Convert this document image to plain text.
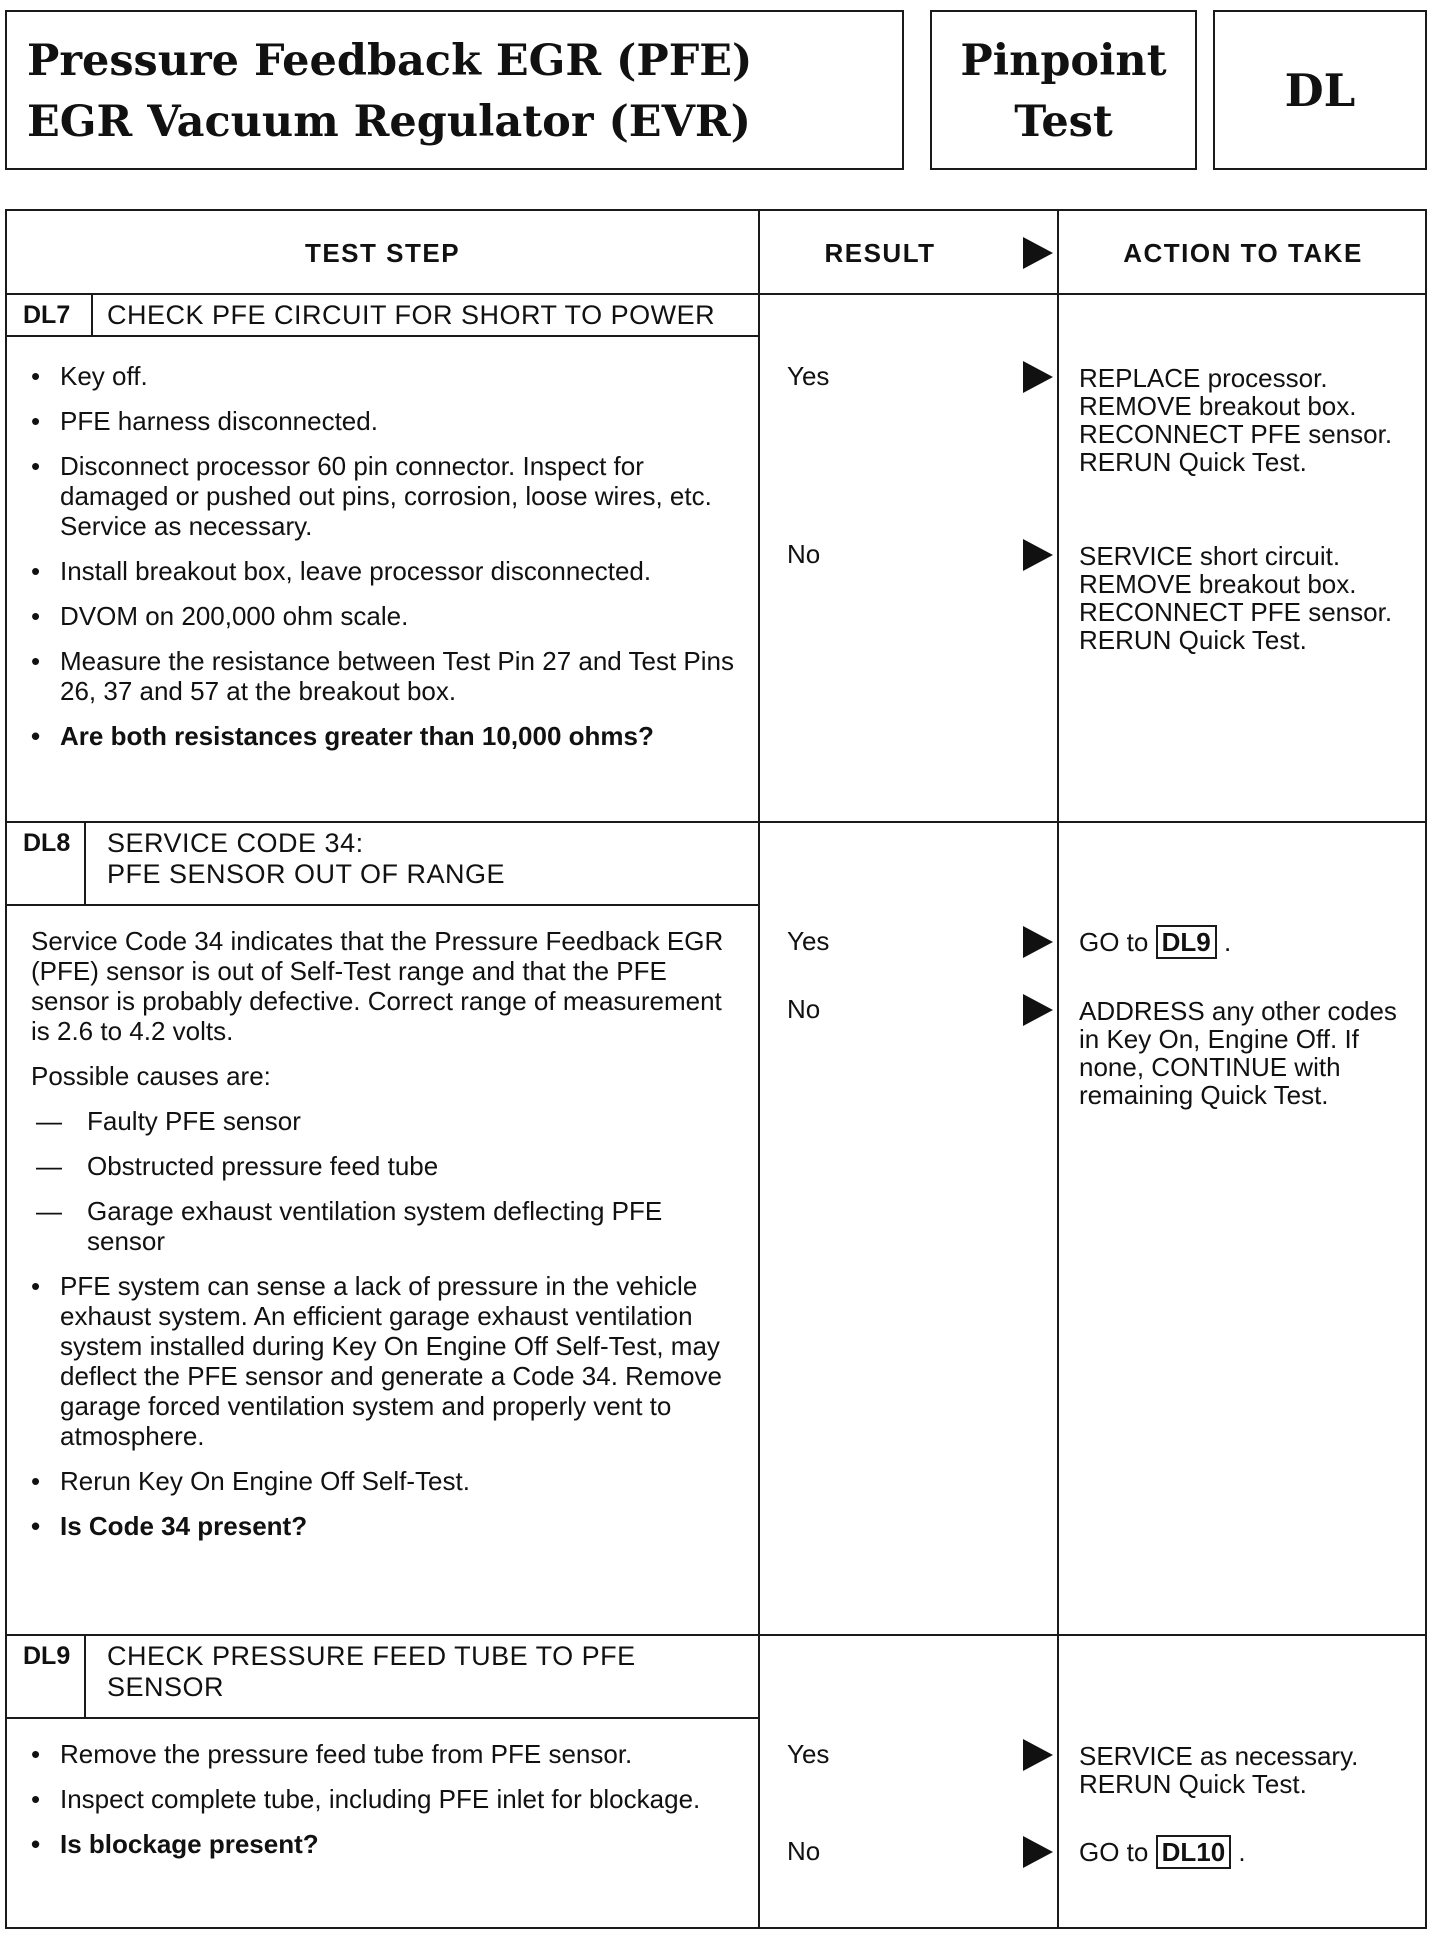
Pressure Feedback EGR (PFE)
EGR Vacuum Regulator (EVR)
Pinpoint
Test
DL
TEST STEP	RESULT	ACTION TO TAKE
DL7	CHECK PFE CIRCUIT FOR SHORT TO POWER
• Key off.
• PFE harness disconnected.
• Disconnect processor 60 pin connector. Inspect for damaged or pushed out pins, corrosion, loose wires, etc. Service as necessary.
• Install breakout box, leave processor disconnected.
• DVOM on 200,000 ohm scale.
• Measure the resistance between Test Pin 27 and Test Pins 26, 37 and 57 at the breakout box.
• Are both resistances greater than 10,000 ohms?
Yes	REPLACE processor. REMOVE breakout box. RECONNECT PFE sensor. RERUN Quick Test.
No	SERVICE short circuit. REMOVE breakout box. RECONNECT PFE sensor. RERUN Quick Test.
DL8	SERVICE CODE 34:
PFE SENSOR OUT OF RANGE
Service Code 34 indicates that the Pressure Feedback EGR (PFE) sensor is out of Self-Test range and that the PFE sensor is probably defective. Correct range of measurement is 2.6 to 4.2 volts.
Possible causes are:
— Faulty PFE sensor
— Obstructed pressure feed tube
— Garage exhaust ventilation system deflecting PFE sensor
• PFE system can sense a lack of pressure in the vehicle exhaust system. An efficient garage exhaust ventilation system installed during Key On Engine Off Self-Test, may deflect the PFE sensor and generate a Code 34. Remove garage forced ventilation system and properly vent to atmosphere.
• Rerun Key On Engine Off Self-Test.
• Is Code 34 present?
Yes	GO to DL9 .
No	ADDRESS any other codes in Key On, Engine Off. If none, CONTINUE with remaining Quick Test.
DL9	CHECK PRESSURE FEED TUBE TO PFE SENSOR
• Remove the pressure feed tube from PFE sensor.
• Inspect complete tube, including PFE inlet for blockage.
• Is blockage present?
Yes	SERVICE as necessary. RERUN Quick Test.
No	GO to DL10 .
